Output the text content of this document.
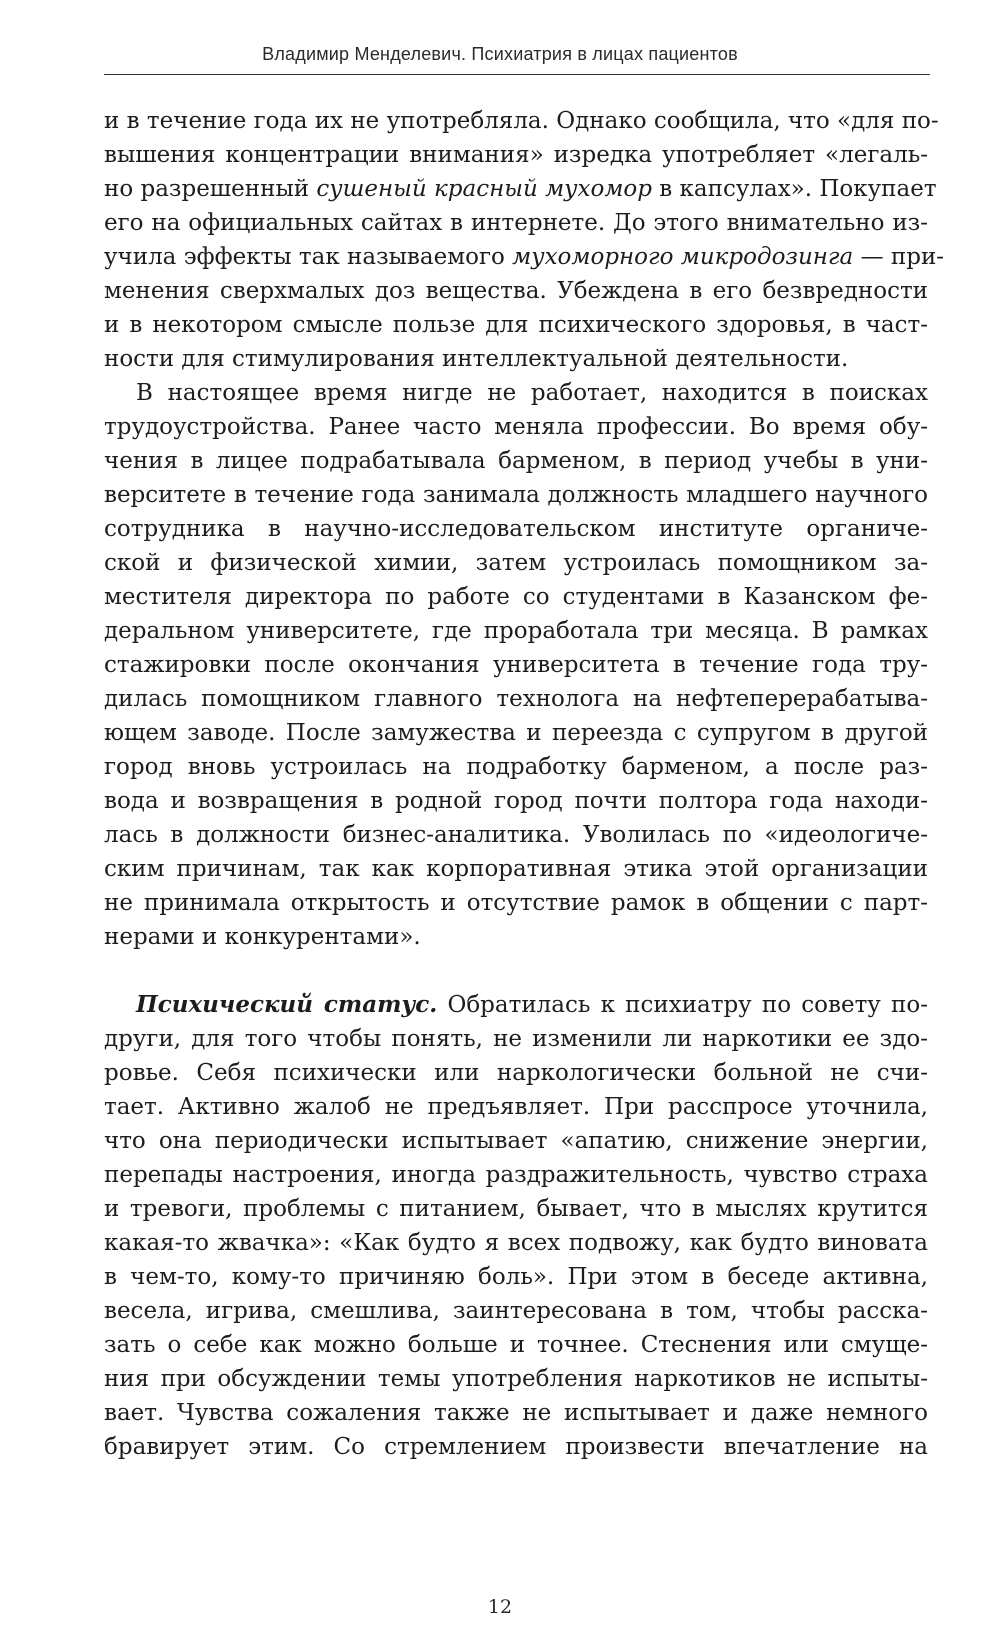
Владимир Менделевич. Психиатрия в лицах пациентов
и в течение года их не употребляла. Однако сообщила, что «для по-
вышения концентрации внимания» изредка употребляет «легаль-
но разрешенный сушеный красный мухомор в капсулах». Покупает
его на официальных сайтах в интернете. До этого внимательно из-
учила эффекты так называемого мухоморного микродозинга — при-
менения сверхмалых доз вещества. Убеждена в его безвредности
и в некотором смысле пользе для психического здоровья, в част-
ности для стимулирования интеллектуальной деятельности.
В настоящее время нигде не работает, находится в поисках
трудоустройства. Ранее часто меняла профессии. Во время обу-
чения в лицее подрабатывала барменом, в период учебы в уни-
верситете в течение года занимала должность младшего научного
сотрудника в научно-исследовательском институте органиче-
ской и физической химии, затем устроилась помощником за-
местителя директора по работе со студентами в Казанском фе-
деральном университете, где проработала три месяца. В рамках
стажировки после окончания университета в течение года тру-
дилась помощником главного технолога на нефтеперерабатыва-
ющем заводе. После замужества и переезда с супругом в другой
город вновь устроилась на подработку барменом, а после раз-
вода и возвращения в родной город почти полтора года находи-
лась в должности бизнес-аналитика. Уволилась по «идеологиче-
ским причинам, так как корпоративная этика этой организации
не принимала открытость и отсутствие рамок в общении с парт-
нерами и конкурентами».
Психический статус. Обратилась к психиатру по совету по-
други, для того чтобы понять, не изменили ли наркотики ее здо-
ровье. Себя психически или наркологически больной не счи-
тает. Активно жалоб не предъявляет. При расспросе уточнила,
что она периодически испытывает «апатию, снижение энергии,
перепады настроения, иногда раздражительность, чувство страха
и тревоги, проблемы с питанием, бывает, что в мыслях крутится
какая-то жвачка»: «Как будто я всех подвожу, как будто виновата
в чем-то, кому-то причиняю боль». При этом в беседе активна,
весела, игрива, смешлива, заинтересована в том, чтобы расска-
зать о себе как можно больше и точнее. Стеснения или смуще-
ния при обсуждении темы употребления наркотиков не испыты-
вает. Чувства сожаления также не испытывает и даже немного
бравирует этим. Со стремлением произвести впечатление на
12
